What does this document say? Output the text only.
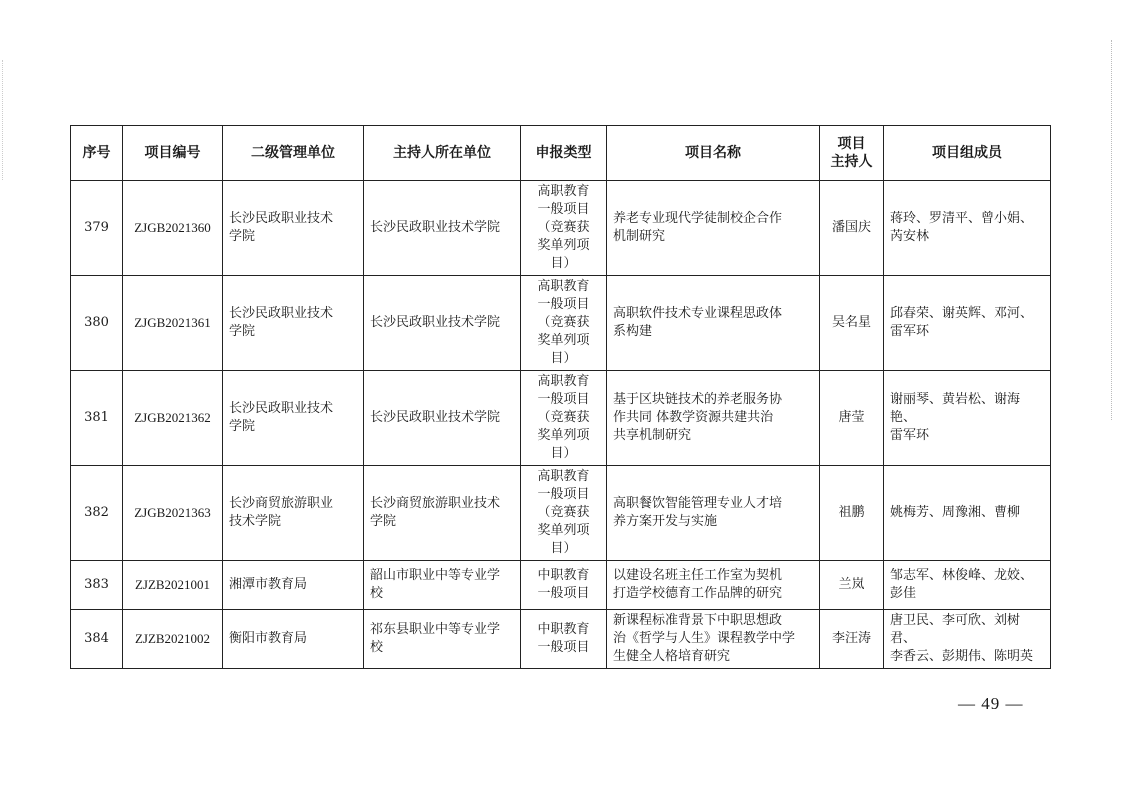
序号	项目编号	二级管理单位	主持人所在单位	申报类型	项目名称	项目
主持人	项目组成员
379	ZJGB2021360	长沙民政职业技术
学院	长沙民政职业技术学院	高职教育
一般项目
（竞赛获
奖单列项
目）	养老专业现代学徒制校企合作
机制研究	潘国庆	蒋玲、罗清平、曾小娟、
芮安林
380	ZJGB2021361	长沙民政职业技术
学院	长沙民政职业技术学院	高职教育
一般项目
（竞赛获
奖单列项
目）	高职软件技术专业课程思政体
系构建	吴名星	邱春荣、谢英辉、邓河、
雷军环
381	ZJGB2021362	长沙民政职业技术
学院	长沙民政职业技术学院	高职教育
一般项目
（竞赛获
奖单列项
目）	基于区块链技术的养老服务协
作共同 体教学资源共建共治
共享机制研究	唐莹	谢丽琴、黄岩松、谢海艳、
雷军环
382	ZJGB2021363	长沙商贸旅游职业
技术学院	长沙商贸旅游职业技术
学院	高职教育
一般项目
（竞赛获
奖单列项
目）	高职餐饮智能管理专业人才培
养方案开发与实施	祖鹏	姚梅芳、周豫湘、曹柳
383	ZJZB2021001	湘潭市教育局	韶山市职业中等专业学
校	中职教育
一般项目	以建设名班主任工作室为契机
打造学校德育工作品牌的研究	兰岚	邹志军、林俊峰、龙姣、
彭佳
384	ZJZB2021002	衡阳市教育局	祁东县职业中等专业学
校	中职教育
一般项目	新课程标准背景下中职思想政
治《哲学与人生》课程教学中学
生健全人格培育研究	李汪涛	唐卫民、李可欣、刘树君、
李香云、彭期伟、陈明英
— 49 —
